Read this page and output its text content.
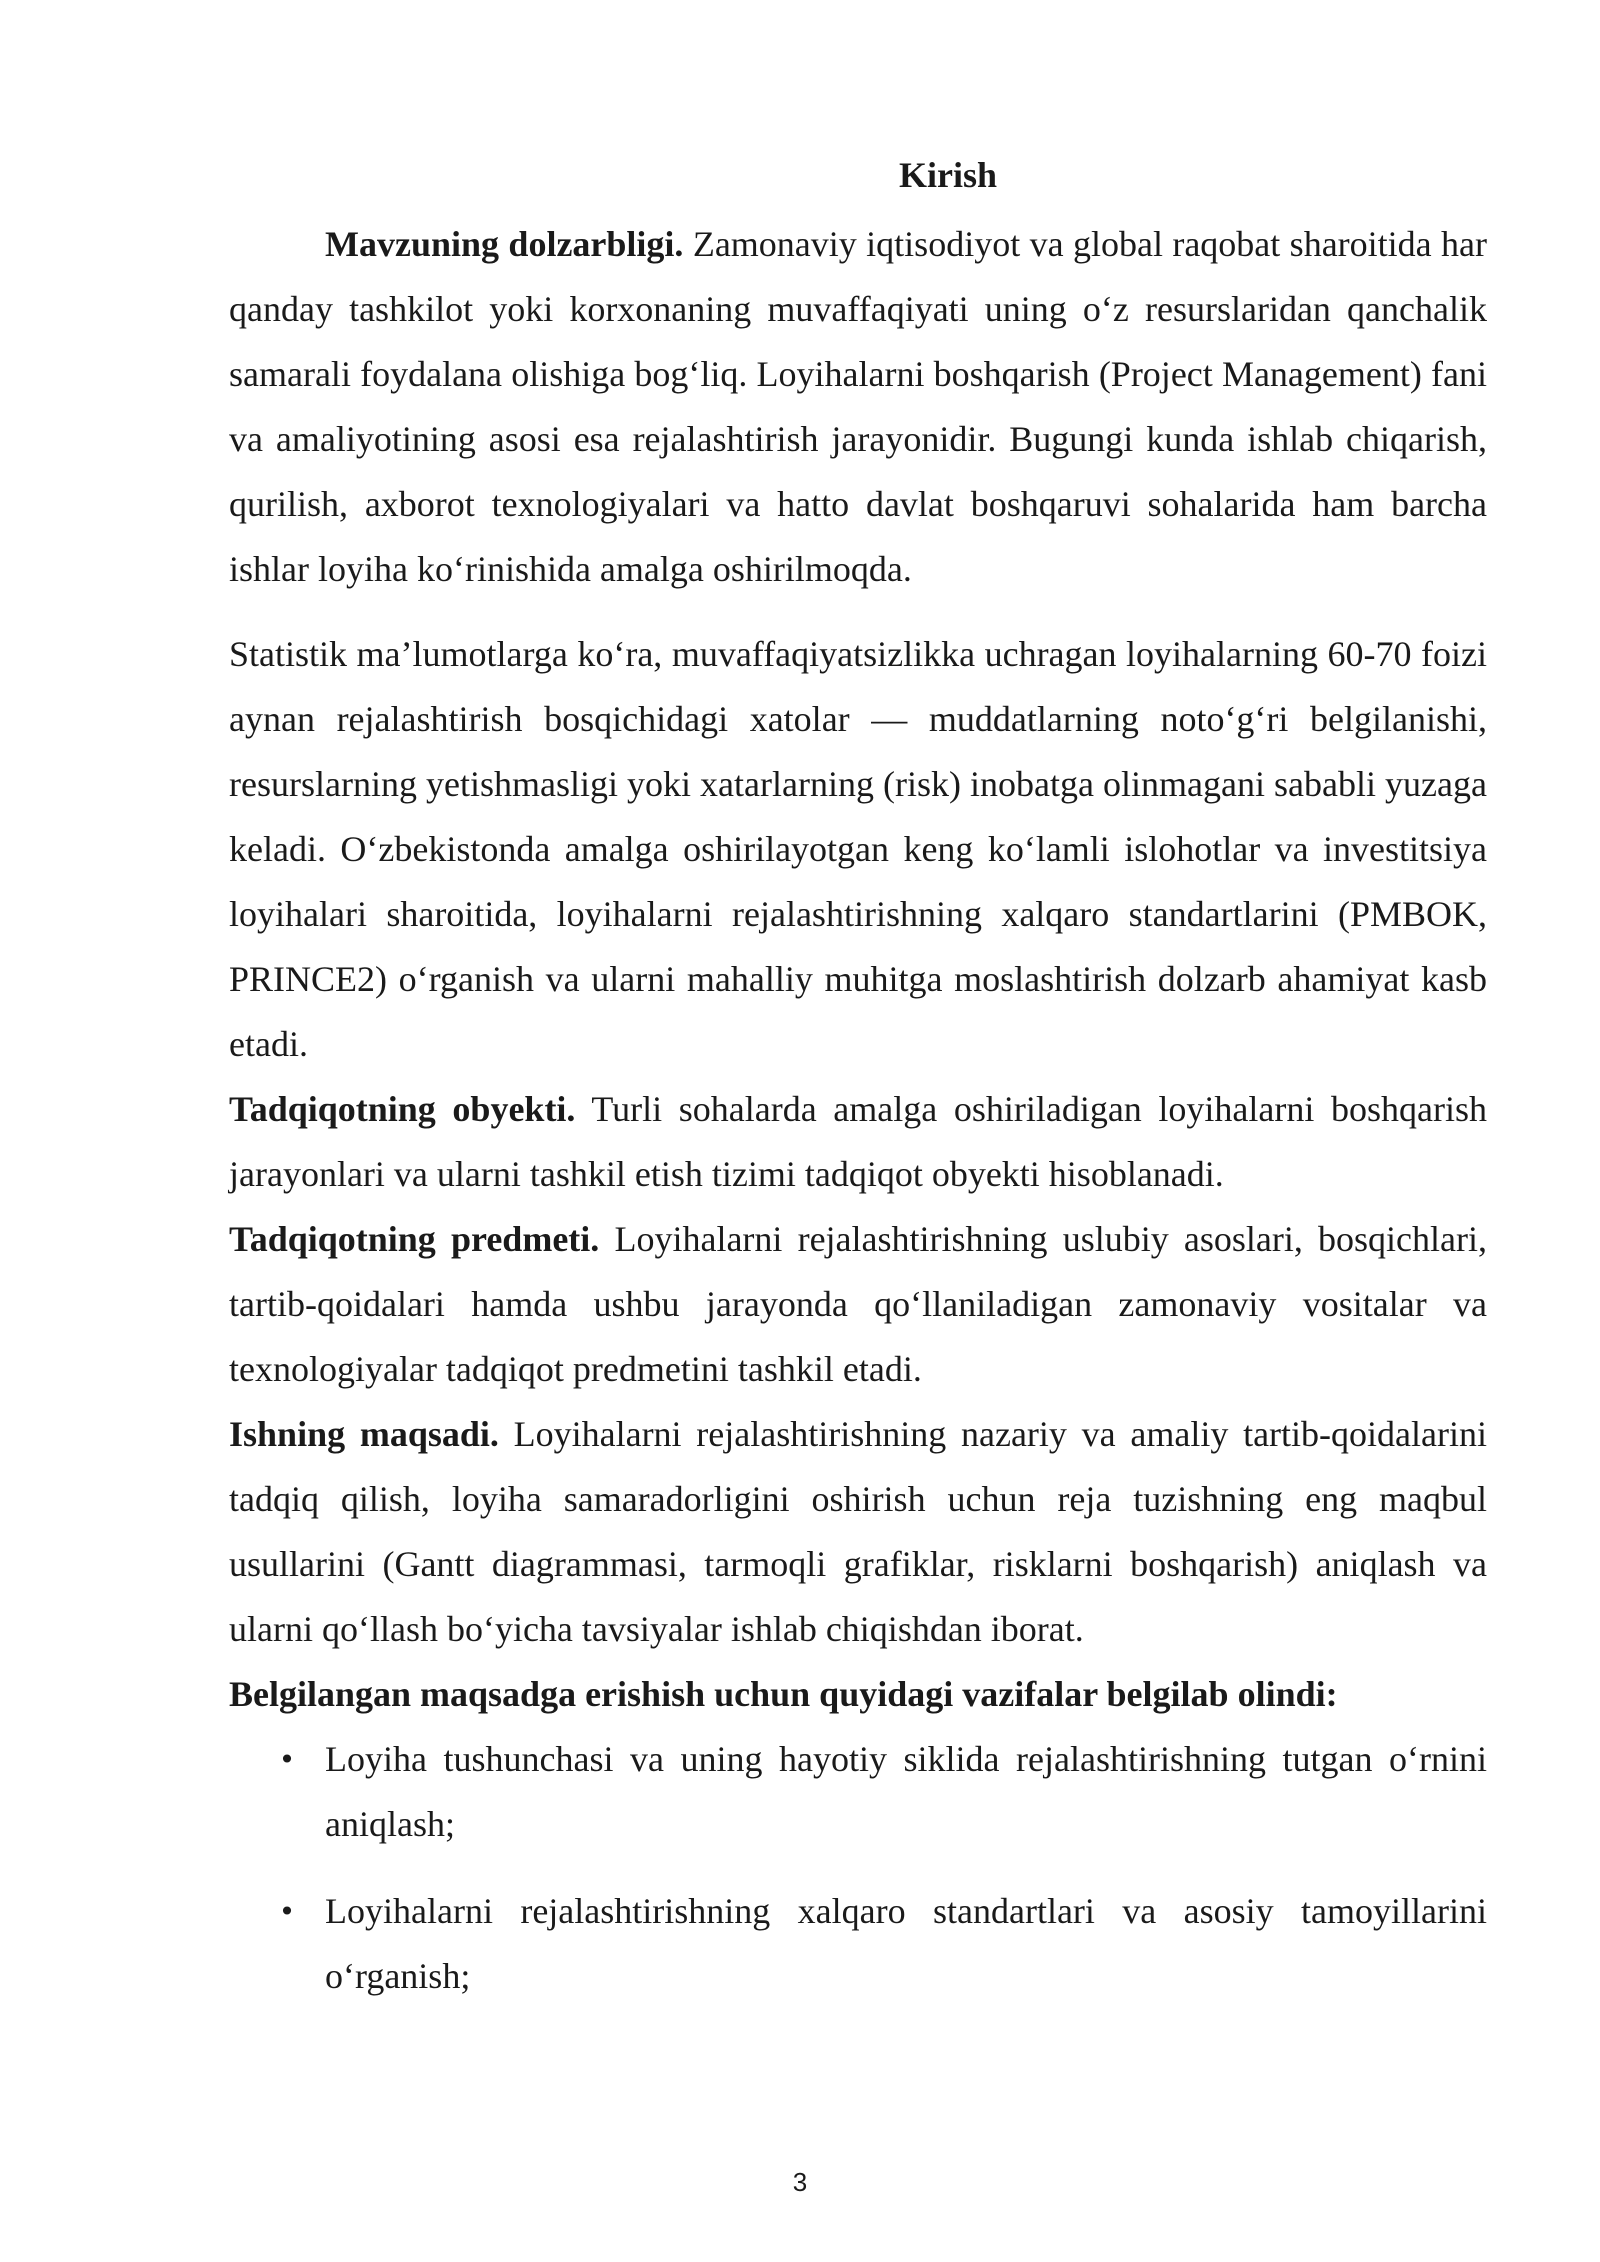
Kirish

Mavzuning dolzarbligi. Zamonaviy iqtisodiyot va global raqobat sharoitida har qanday tashkilot yoki korxonaning muvaffaqiyati uning o‘z resurslaridan qanchalik samarali foydalana olishiga bog‘liq. Loyihalarni boshqarish (Project Management) fani va amaliyotining asosi esa rejalashtirish jarayonidir. Bugungi kunda ishlab chiqarish, qurilish, axborot texnologiyalari va hatto davlat boshqaruvi sohalarida ham barcha ishlar loyiha ko‘rinishida amalga oshirilmoqda.

Statistik ma’lumotlarga ko‘ra, muvaffaqiyatsizlikka uchragan loyihalarning 60-70 foizi aynan rejalashtirish bosqichidagi xatolar — muddatlarning noto‘g‘ri belgilanishi, resurslarning yetishmasligi yoki xatarlarning (risk) inobatga olinmagani sababli yuzaga keladi. O‘zbekistonda amalga oshirilayotgan keng ko‘lamli islohotlar va investitsiya loyihalari sharoitida, loyihalarni rejalashtirishning xalqaro standartlarini (PMBOK, PRINCE2) o‘rganish va ularni mahalliy muhitga moslashtirish dolzarb ahamiyat kasb etadi.

Tadqiqotning obyekti. Turli sohalarda amalga oshiriladigan loyihalarni boshqarish jarayonlari va ularni tashkil etish tizimi tadqiqot obyekti hisoblanadi.

Tadqiqotning predmeti. Loyihalarni rejalashtirishning uslubiy asoslari, bosqichlari, tartib-qoidalari hamda ushbu jarayonda qo‘llaniladigan zamonaviy vositalar va texnologiyalar tadqiqot predmetini tashkil etadi.

Ishning maqsadi. Loyihalarni rejalashtirishning nazariy va amaliy tartib-qoidalarini tadqiq qilish, loyiha samaradorligini oshirish uchun reja tuzishning eng maqbul usullarini (Gantt diagrammasi, tarmoqli grafiklar, risklarni boshqarish) aniqlash va ularni qo‘llash bo‘yicha tavsiyalar ishlab chiqishdan iborat.

Belgilangan maqsadga erishish uchun quyidagi vazifalar belgilab olindi:

• Loyiha tushunchasi va uning hayotiy siklida rejalashtirishning tutgan o‘rnini aniqlash;
• Loyihalarni rejalashtirishning xalqaro standartlari va asosiy tamoyillarini o‘rganish;
3
